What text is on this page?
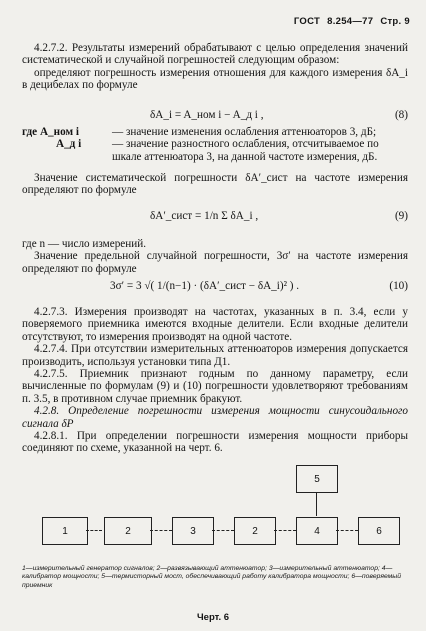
ГОСТ 8.254—77 Стр. 9

4.2.7.2. Результаты измерений обрабатывают с целью определения значений систематической и случайной погрешностей следующим образом:

определяют погрешность измерения отношения для каждого измерения δA_i в децибелах по формуле

δA_i = A_ном i − A_д i ,	(8)
где A_ном i	— значение изменения ослабления аттенюаторов 3, дБ;
A_д i	— значение разностного ослабления, отсчитываемое по шкале аттенюатора 3, на данной частоте измерения, дБ.

Значение систематической погрешности δA′_сист на частоте измерения определяют по формуле

δA′_сист = 1/n Σ δA_i ,	(9)

где n — число измерений.

Значение предельной случайной погрешности, 3σ′ на частоте измерения определяют по формуле

3σ′ = 3 √( 1/(n−1) · (δA′_сист − δA_i)² ) .	(10)

4.2.7.3. Измерения производят на частотах, указанных в п. 3.4, если у поверяемого приемника имеются входные делители. Если входные делители отсутствуют, то измерения производят на одной частоте.

4.2.7.4. При отсутствии измерительных аттенюаторов измерения допускается производить, используя установки типа Д1.

4.2.7.5. Приемник признают годным по данному параметру, если вычисленные по формулам (9) и (10) погрешности удовлетворяют требованиям п. 3.5, в противном случае приемник бракуют.

4.2.8. Определение погрешности измерения мощности синусоидального сигнала δP

4.2.8.1. При определении погрешности измерения мощности приборы соединяют по схеме, указанной на черт. 6.

5
1	2	3	2	4	6
1—измерительный генератор сигналов; 2—развязывающий аттенюатор; 3—измерительный аттенюатор; 4—калибратор мощности; 5—термисторный мост, обеспечивающий работу калибратора мощности; 6—поверяемый приемник
Черт. 6
